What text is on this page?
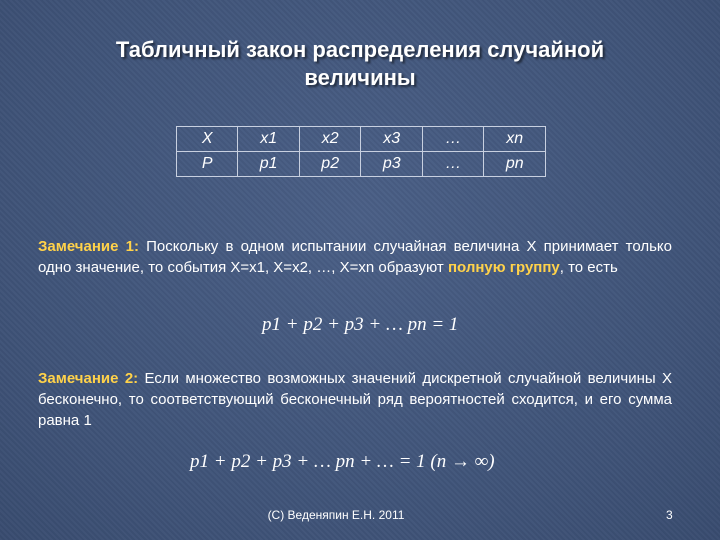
Табличный закон распределения случайной величины
X	x1	x2	x3	…	xn
P	p1	p2	p3	…	pn
Замечание 1: Поскольку в одном испытании случайная величина X принимает только одно значение, то события X=x1, X=x2, …, X=xn образуют полную группу, то есть
p1 + p2 + p3 + … pn = 1
Замечание 2: Если множество возможных значений дискретной случайной величины X бесконечно, то соответствующий бесконечный ряд вероятностей сходится, и его сумма равна 1
p1 + p2 + p3 + … pn + … = 1 (n → ∞)
(С) Веденяпин Е.Н. 2011	3
